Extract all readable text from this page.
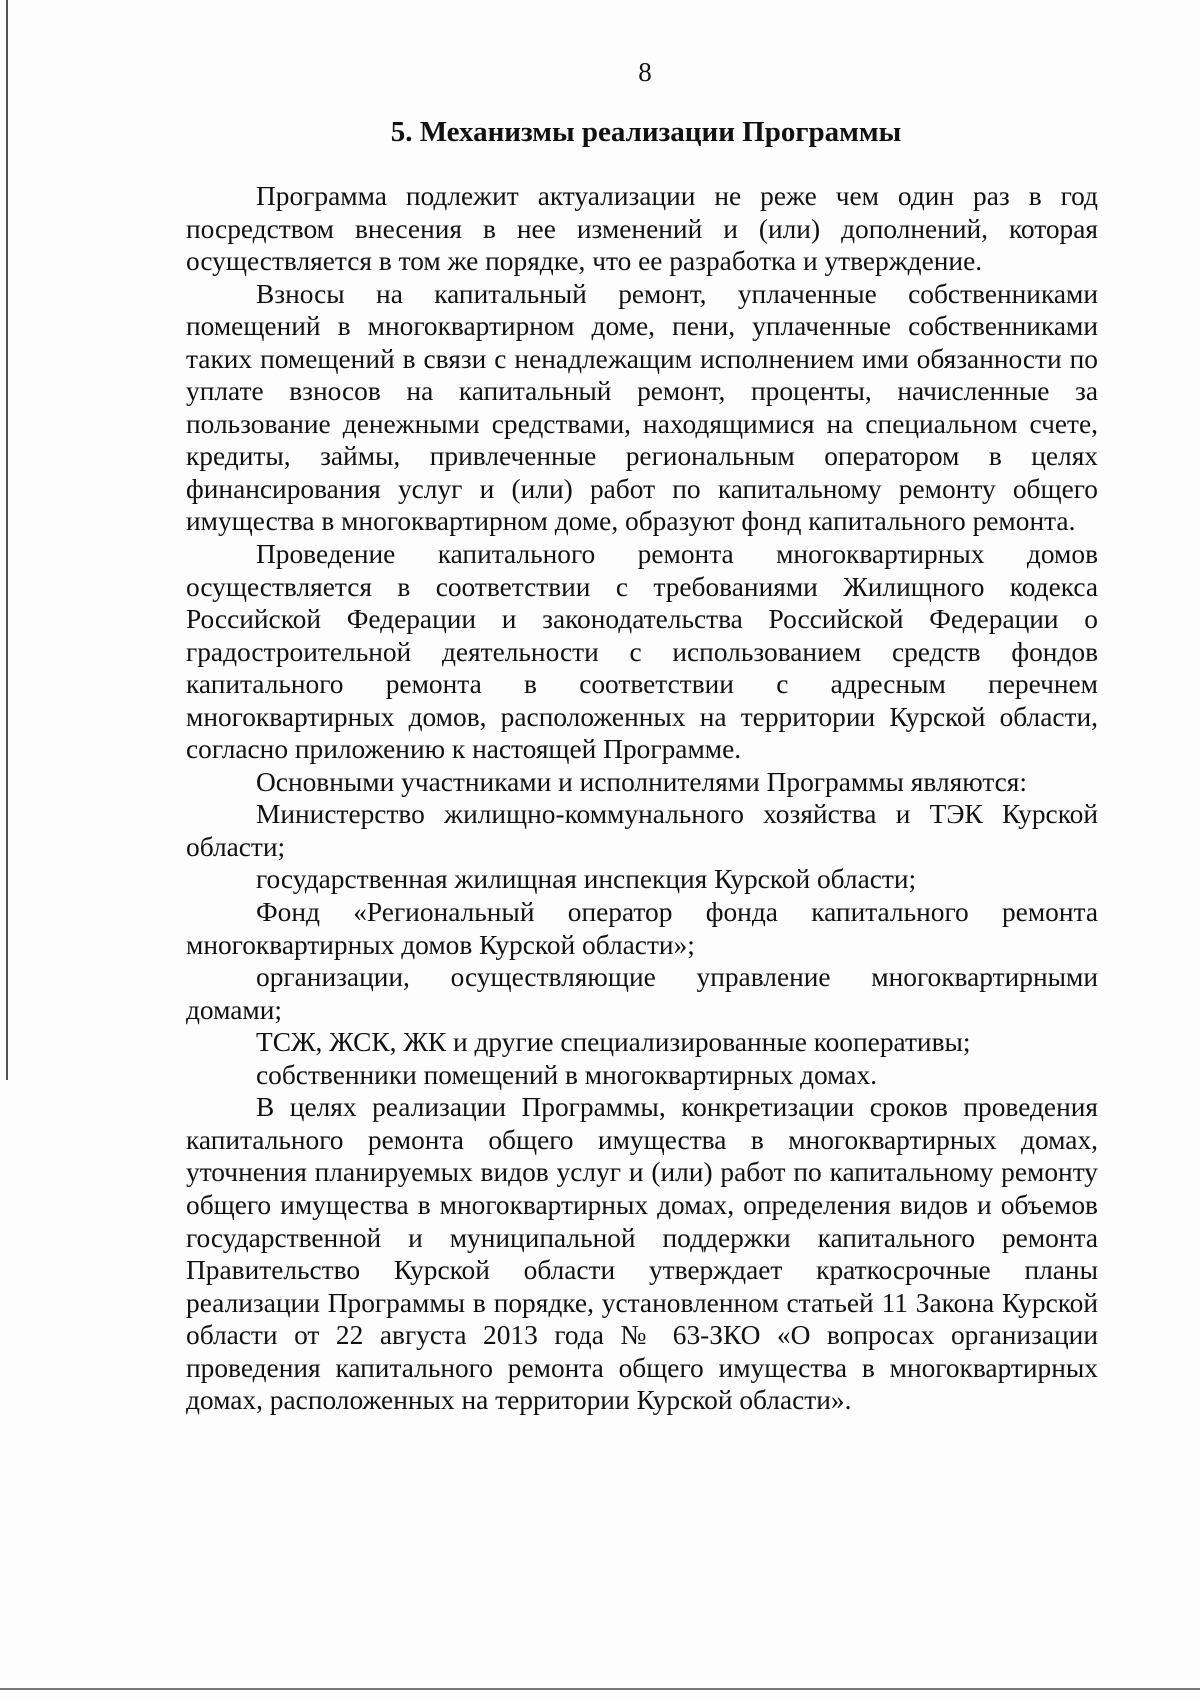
8
5. Механизмы реализации Программы

Программа подлежит актуализации не реже чем один раз в год посредством внесения в нее изменений и (или) дополнений, которая осуществляется в том же порядке, что ее разработка и утверждение.

Взносы на капитальный ремонт, уплаченные собственниками помещений в многоквартирном доме, пени, уплаченные собственниками таких помещений в связи с ненадлежащим исполнением ими обязанности по уплате взносов на капитальный ремонт, проценты, начисленные за пользование денежными средствами, находящимися на специальном счете, кредиты, займы, привлеченные региональным оператором в целях финансирования услуг и (или) работ по капитальному ремонту общего имущества в многоквартирном доме, образуют фонд капитального ремонта.

Проведение капитального ремонта многоквартирных домов осуществляется в соответствии с требованиями Жилищного кодекса Российской Федерации и законодательства Российской Федерации о градостроительной деятельности с использованием средств фондов капитального ремонта в соответствии с адресным перечнем многоквартирных домов, расположенных на территории Курской области, согласно приложению к настоящей Программе.

Основными участниками и исполнителями Программы являются:

Министерство жилищно-коммунального хозяйства и ТЭК Курской области;

государственная жилищная инспекция Курской области;

Фонд «Региональный оператор фонда капитального ремонта многоквартирных домов Курской области»;

организации, осуществляющие управление многоквартирными домами;

ТСЖ, ЖСК, ЖК и другие специализированные кооперативы;

собственники помещений в многоквартирных домах.

В целях реализации Программы, конкретизации сроков проведения капитального ремонта общего имущества в многоквартирных домах, уточнения планируемых видов услуг и (или) работ по капитальному ремонту общего имущества в многоквартирных домах, определения видов и объемов государственной и муниципальной поддержки капитального ремонта Правительство Курской области утверждает краткосрочные планы реализации Программы в порядке, установленном статьей 11 Закона Курской области от 22 августа 2013 года № 63-ЗКО «О вопросах организации проведения капитального ремонта общего имущества в многоквартирных домах, расположенных на территории Курской области».
